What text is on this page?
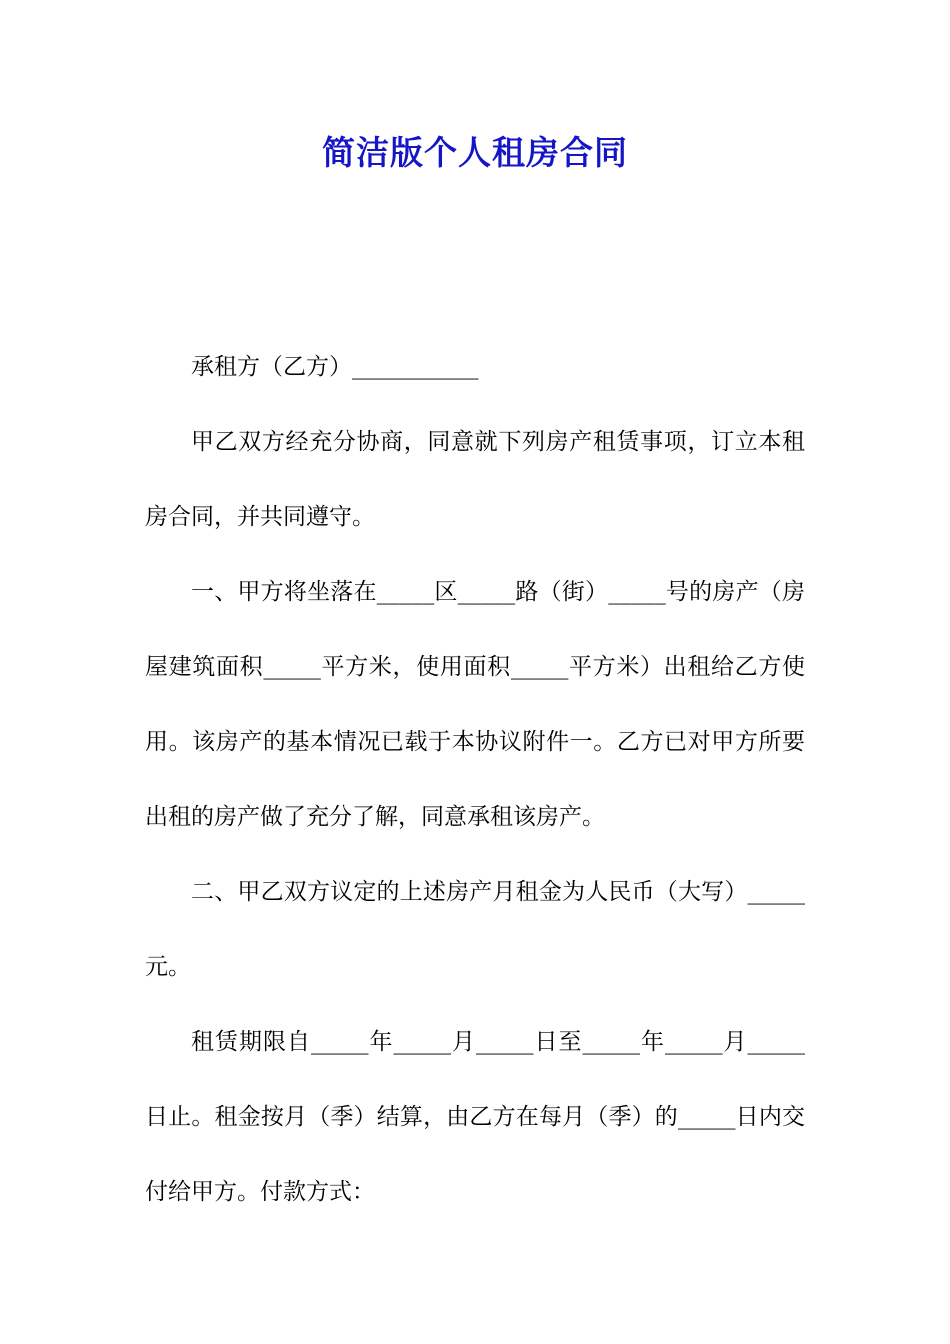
简洁版个人租房合同

承租方（乙方）___________

甲乙双方经充分协商，同意就下列房产租赁事项，订立本租房合同，并共同遵守。

一、甲方将坐落在_____区_____路（街）_____号的房产（房屋建筑面积_____平方米，使用面积_____平方米）出租给乙方使用。该房产的基本情况已载于本协议附件一。乙方已对甲方所要出租的房产做了充分了解，同意承租该房产。

二、甲乙双方议定的上述房产月租金为人民币（大写）_____元。

租赁期限自_____年_____月_____日至_____年_____月_____日止。租金按月（季）结算，由乙方在每月（季）的_____日内交付给甲方。付款方式：
